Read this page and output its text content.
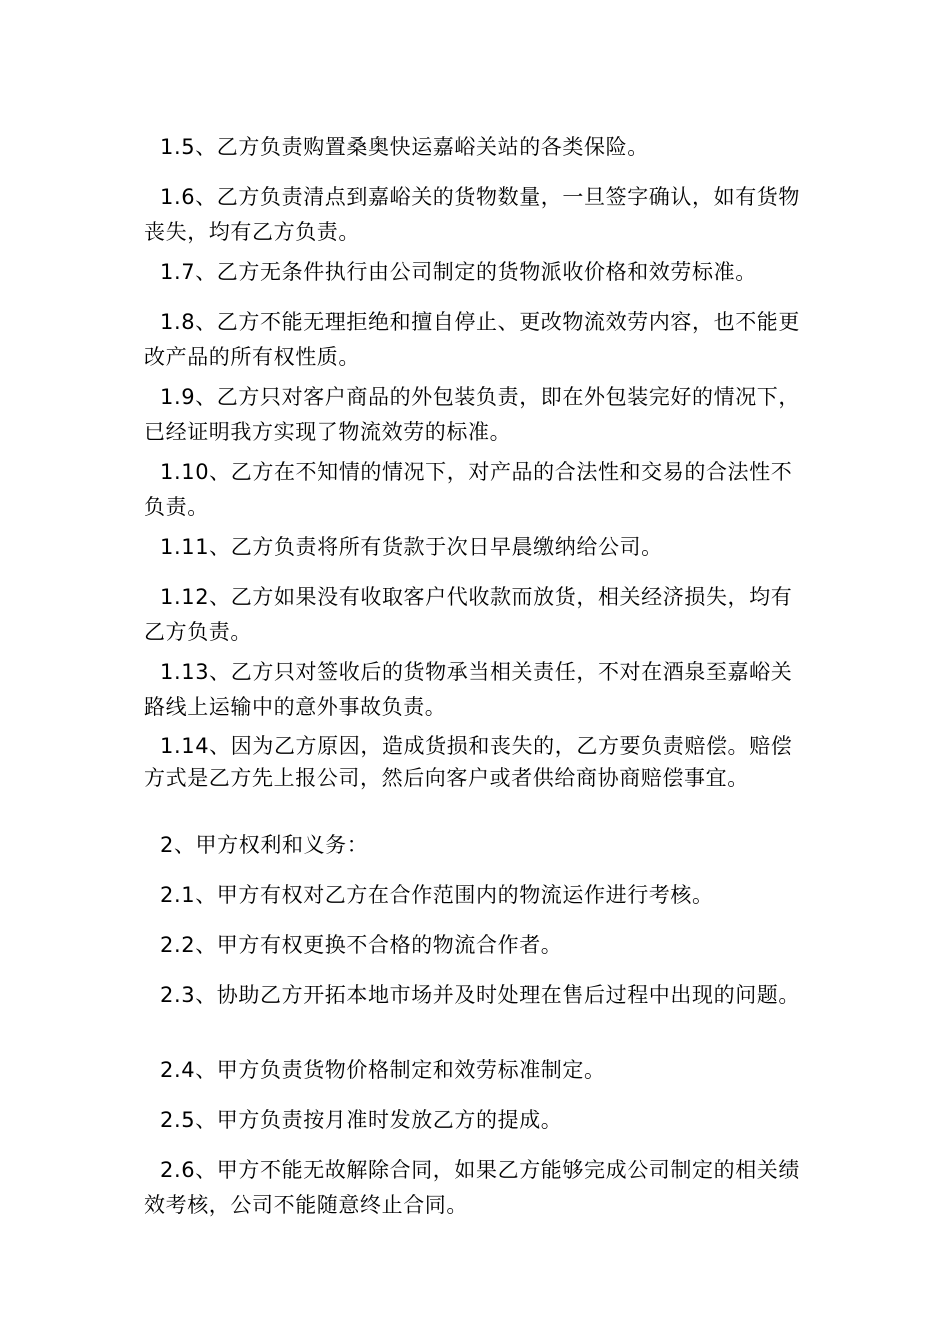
1.5、乙方负责购置桑奥快运嘉峪关站的各类保险。

1.6、乙方负责清点到嘉峪关的货物数量，一旦签字确认，如有货物丧失，均有乙方负责。

1.7、乙方无条件执行由公司制定的货物派收价格和效劳标准。

1.8、乙方不能无理拒绝和擅自停止、更改物流效劳内容，也不能更改产品的所有权性质。

1.9、乙方只对客户商品的外包装负责，即在外包装完好的情况下，已经证明我方实现了物流效劳的标准。

1.10、乙方在不知情的情况下，对产品的合法性和交易的合法性不负责。

1.11、乙方负责将所有货款于次日早晨缴纳给公司。

1.12、乙方如果没有收取客户代收款而放货，相关经济损失，均有乙方负责。

1.13、乙方只对签收后的货物承当相关责任，不对在酒泉至嘉峪关路线上运输中的意外事故负责。

1.14、因为乙方原因，造成货损和丧失的，乙方要负责赔偿。赔偿方式是乙方先上报公司，然后向客户或者供给商协商赔偿事宜。

2、甲方权利和义务：

2.1、甲方有权对乙方在合作范围内的物流运作进行考核。

2.2、甲方有权更换不合格的物流合作者。

2.3、协助乙方开拓本地市场并及时处理在售后过程中出现的问题。

2.4、甲方负责货物价格制定和效劳标准制定。

2.5、甲方负责按月准时发放乙方的提成。

2.6、甲方不能无故解除合同，如果乙方能够完成公司制定的相关绩效考核，公司不能随意终止合同。
